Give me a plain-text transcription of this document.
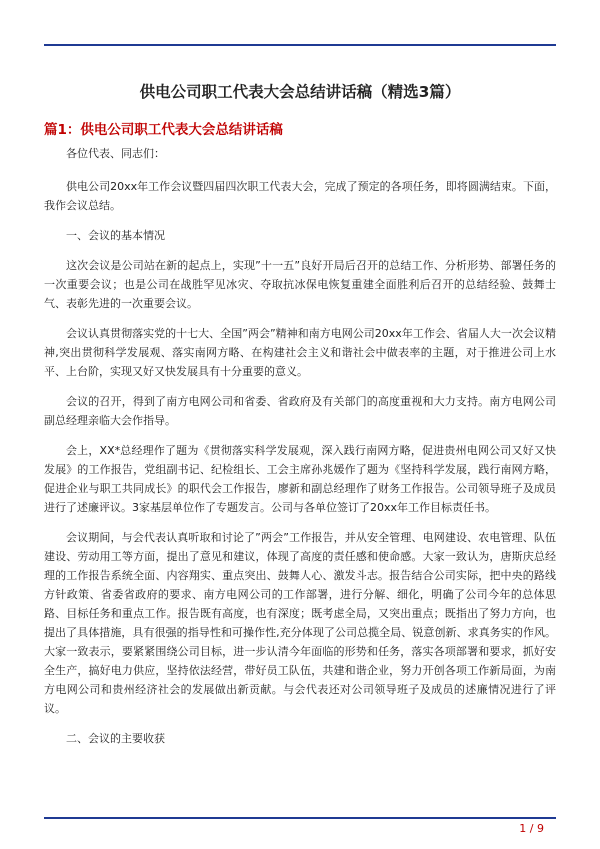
供电公司职工代表大会总结讲话稿（精选3篇）
篇1：供电公司职工代表大会总结讲话稿

各位代表、同志们：

供电公司20xx年工作会议暨四届四次职工代表大会，完成了预定的各项任务，即将圆满结束。下面，我作会议总结。

一、会议的基本情况

这次会议是公司站在新的起点上，实现”十一五”良好开局后召开的总结工作、分析形势、部署任务的一次重要会议；也是公司在战胜罕见冰灾、夺取抗冰保电恢复重建全面胜利后召开的总结经验、鼓舞士气、表彰先进的一次重要会议。

会议认真贯彻落实党的十七大、全国”两会”精神和南方电网公司20xx年工作会、省届人大一次会议精神,突出贯彻科学发展观、落实南网方略、在构建社会主义和谐社会中做表率的主题，对于推进公司上水平、上台阶，实现又好又快发展具有十分重要的意义。

会议的召开，得到了南方电网公司和省委、省政府及有关部门的高度重视和大力支持。南方电网公司副总经理亲临大会作指导。

会上，XX*总经理作了题为《贯彻落实科学发展观，深入践行南网方略，促进贵州电网公司又好又快发展》的工作报告，党组副书记、纪检组长、工会主席孙兆媛作了题为《坚持科学发展，践行南网方略，促进企业与职工共同成长》的职代会工作报告，廖新和副总经理作了财务工作报告。公司领导班子及成员进行了述廉评议。3家基层单位作了专题发言。公司与各单位签订了20xx年工作目标责任书。

会议期间，与会代表认真听取和讨论了”两会”工作报告，并从安全管理、电网建设、农电管理、队伍建设、劳动用工等方面，提出了意见和建议，体现了高度的责任感和使命感。大家一致认为，唐斯庆总经理的工作报告系统全面、内容翔实、重点突出、鼓舞人心、激发斗志。报告结合公司实际，把中央的路线方针政策、省委省政府的要求、南方电网公司的工作部署，进行分解、细化，明确了公司今年的总体思路、目标任务和重点工作。报告既有高度，也有深度；既考虑全局，又突出重点；既指出了努力方向，也提出了具体措施，具有很强的指导性和可操作性,充分体现了公司总揽全局、锐意创新、求真务实的作风。大家一致表示，要紧紧围绕公司目标，进一步认清今年面临的形势和任务，落实各项部署和要求，抓好安全生产，搞好电力供应，坚持依法经营，带好员工队伍，共建和谐企业，努力开创各项工作新局面，为南方电网公司和贵州经济社会的发展做出新贡献。与会代表还对公司领导班子及成员的述廉情况进行了评议。

二、会议的主要收获

1 / 9
